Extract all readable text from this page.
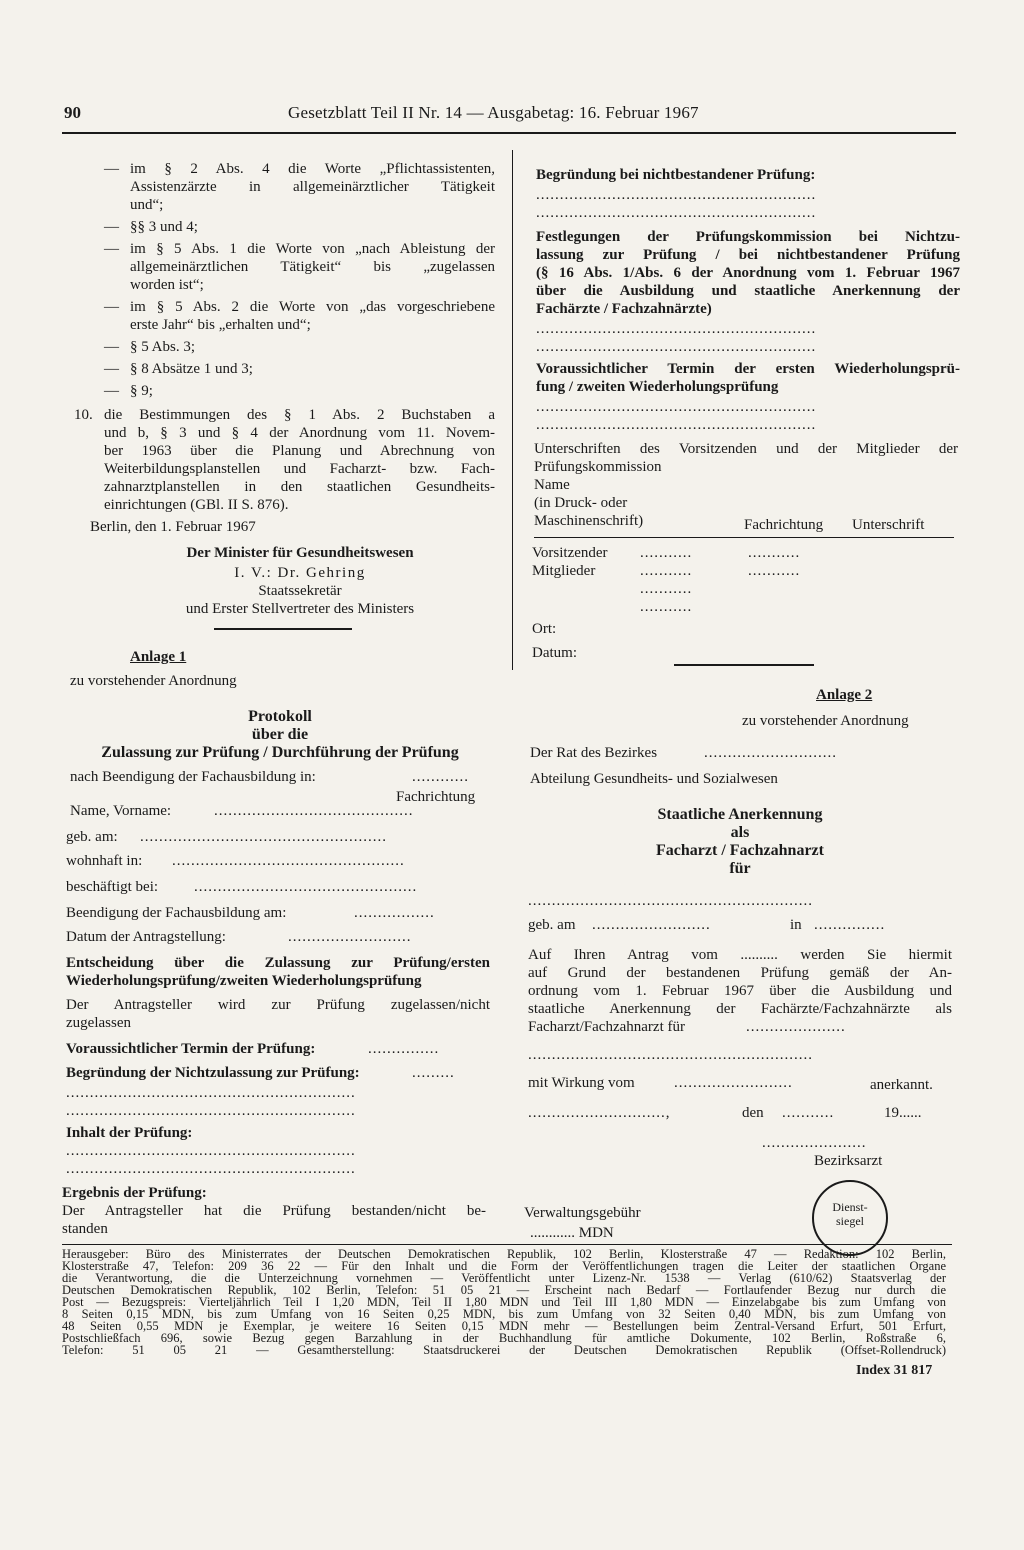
90	Gesetzblatt Teil II Nr. 14 — Ausgabetag: 16. Februar 1967
— im § 2 Abs. 4 die Worte „Pflichtassistenten,
Assistenzärzte in allgemeinärztlicher Tätigkeit
und“;
— §§ 3 und 4;
— im § 5 Abs. 1 die Worte von „nach Ableistung der
allgemeinärztlichen Tätigkeit“ bis „zugelassen
worden ist“;
— im § 5 Abs. 2 die Worte von „das vorgeschriebene
erste Jahr“ bis „erhalten und“;
— § 5 Abs. 3;
— § 8 Absätze 1 und 3;
— § 9;
10. die Bestimmungen des § 1 Abs. 2 Buchstaben a
und b, § 3 und § 4 der Anordnung vom 11. Novem-
ber 1963 über die Planung und Abrechnung von
Weiterbildungsplanstellen und Facharzt- bzw. Fach-
zahnarztplanstellen in den staatlichen Gesundheits-
einrichtungen (GBl. II S. 876).
Berlin, den 1. Februar 1967
Der Minister für Gesundheitswesen
I. V.: Dr. Gehring
Staatssekretär
und Erster Stellvertreter des Ministers
Anlage 1
zu vorstehender Anordnung
Protokoll
über die
Zulassung zur Prüfung / Durchführung der Prüfung
nach Beendigung der Fachausbildung in:	............
Fachrichtung
Name, Vorname:	..........................................
geb. am: ....................................................
wohnhaft in: .................................................
beschäftigt bei: ...............................................
Beendigung der Fachausbildung am:	.................
Datum der Antragstellung:	..........................
Entscheidung über die Zulassung zur Prüfung/ersten
Wiederholungsprüfung/zweiten Wiederholungsprüfung
Der Antragsteller wird zur Prüfung zugelassen/nicht
zugelassen
Voraussichtlicher Termin der Prüfung:	...............
Begründung der Nichtzulassung zur Prüfung:	.........
.............................................................
.............................................................
Inhalt der Prüfung:
.............................................................
.............................................................
Ergebnis der Prüfung:
Der Antragsteller hat die Prüfung bestanden/nicht be-
standen
Begründung bei nichtbestandener Prüfung:
...........................................................
...........................................................
Festlegungen der Prüfungskommission bei Nichtzu-
lassung zur Prüfung / bei nichtbestandener Prüfung
(§ 16 Abs. 1/Abs. 6 der Anordnung vom 1. Februar 1967
über die Ausbildung und staatliche Anerkennung der
Fachärzte / Fachzahnärzte)
...........................................................
...........................................................
Voraussichtlicher Termin der ersten Wiederholungsprü-
fung / zweiten Wiederholungsprüfung
...........................................................
...........................................................
Unterschriften des Vorsitzenden und der Mitglieder der
Prüfungskommission
Name
(in Druck- oder
Maschinenschrift)	Fachrichtung Unterschrift
Vorsitzender ...........	...........
Mitglieder	...........	...........
...........
...........
Ort:
Datum:
Anlage 2
zu vorstehender Anordnung
Der Rat des Bezirkes	............................
Abteilung Gesundheits- und Sozialwesen
Staatliche Anerkennung
als
Facharzt / Fachzahnarzt
für
............................................................
geb. am .........................	in ...............
Auf Ihren Antrag vom .......... werden Sie hiermit
auf Grund der bestandenen Prüfung gemäß der An-
ordnung vom 1. Februar 1967 über die Ausbildung und
staatliche Anerkennung der Fachärzte/Fachzahnärzte als
Facharzt/Fachzahnarzt für	.....................
............................................................
mit Wirkung vom	.........................	anerkannt.
.............................,	den ...........	19......
......................
Bezirksarzt
Verwaltungsgebühr
............ MDN
Dienst-
siegel
Herausgeber: Büro des Ministerrates der Deutschen Demokratischen Republik, 102 Berlin, Klosterstraße 47 — Redaktion: 102 Berlin,
Klosterstraße 47, Telefon: 209 36 22 — Für den Inhalt und die Form der Veröffentlichungen tragen die Leiter der staatlichen Organe
die Verantwortung, die die Unterzeichnung vornehmen — Veröffentlicht unter Lizenz-Nr. 1538 — Verlag (610/62) Staatsverlag der
Deutschen Demokratischen Republik, 102 Berlin, Telefon: 51 05 21 — Erscheint nach Bedarf — Fortlaufender Bezug nur durch die
Post — Bezugspreis: Vierteljährlich Teil I 1,20 MDN, Teil II 1,80 MDN und Teil III 1,80 MDN — Einzelabgabe bis zum Umfang von
8 Seiten 0,15 MDN, bis zum Umfang von 16 Seiten 0,25 MDN, bis zum Umfang von 32 Seiten 0,40 MDN, bis zum Umfang von
48 Seiten 0,55 MDN je Exemplar, je weitere 16 Seiten 0,15 MDN mehr — Bestellungen beim Zentral-Versand Erfurt, 501 Erfurt,
Postschließfach 696, sowie Bezug gegen Barzahlung in der Buchhandlung für amtliche Dokumente, 102 Berlin, Roßstraße 6,
Telefon: 51 05 21 — Gesamtherstellung: Staatsdruckerei der Deutschen Demokratischen Republik (Offset-Rollendruck)
Index 31 817
